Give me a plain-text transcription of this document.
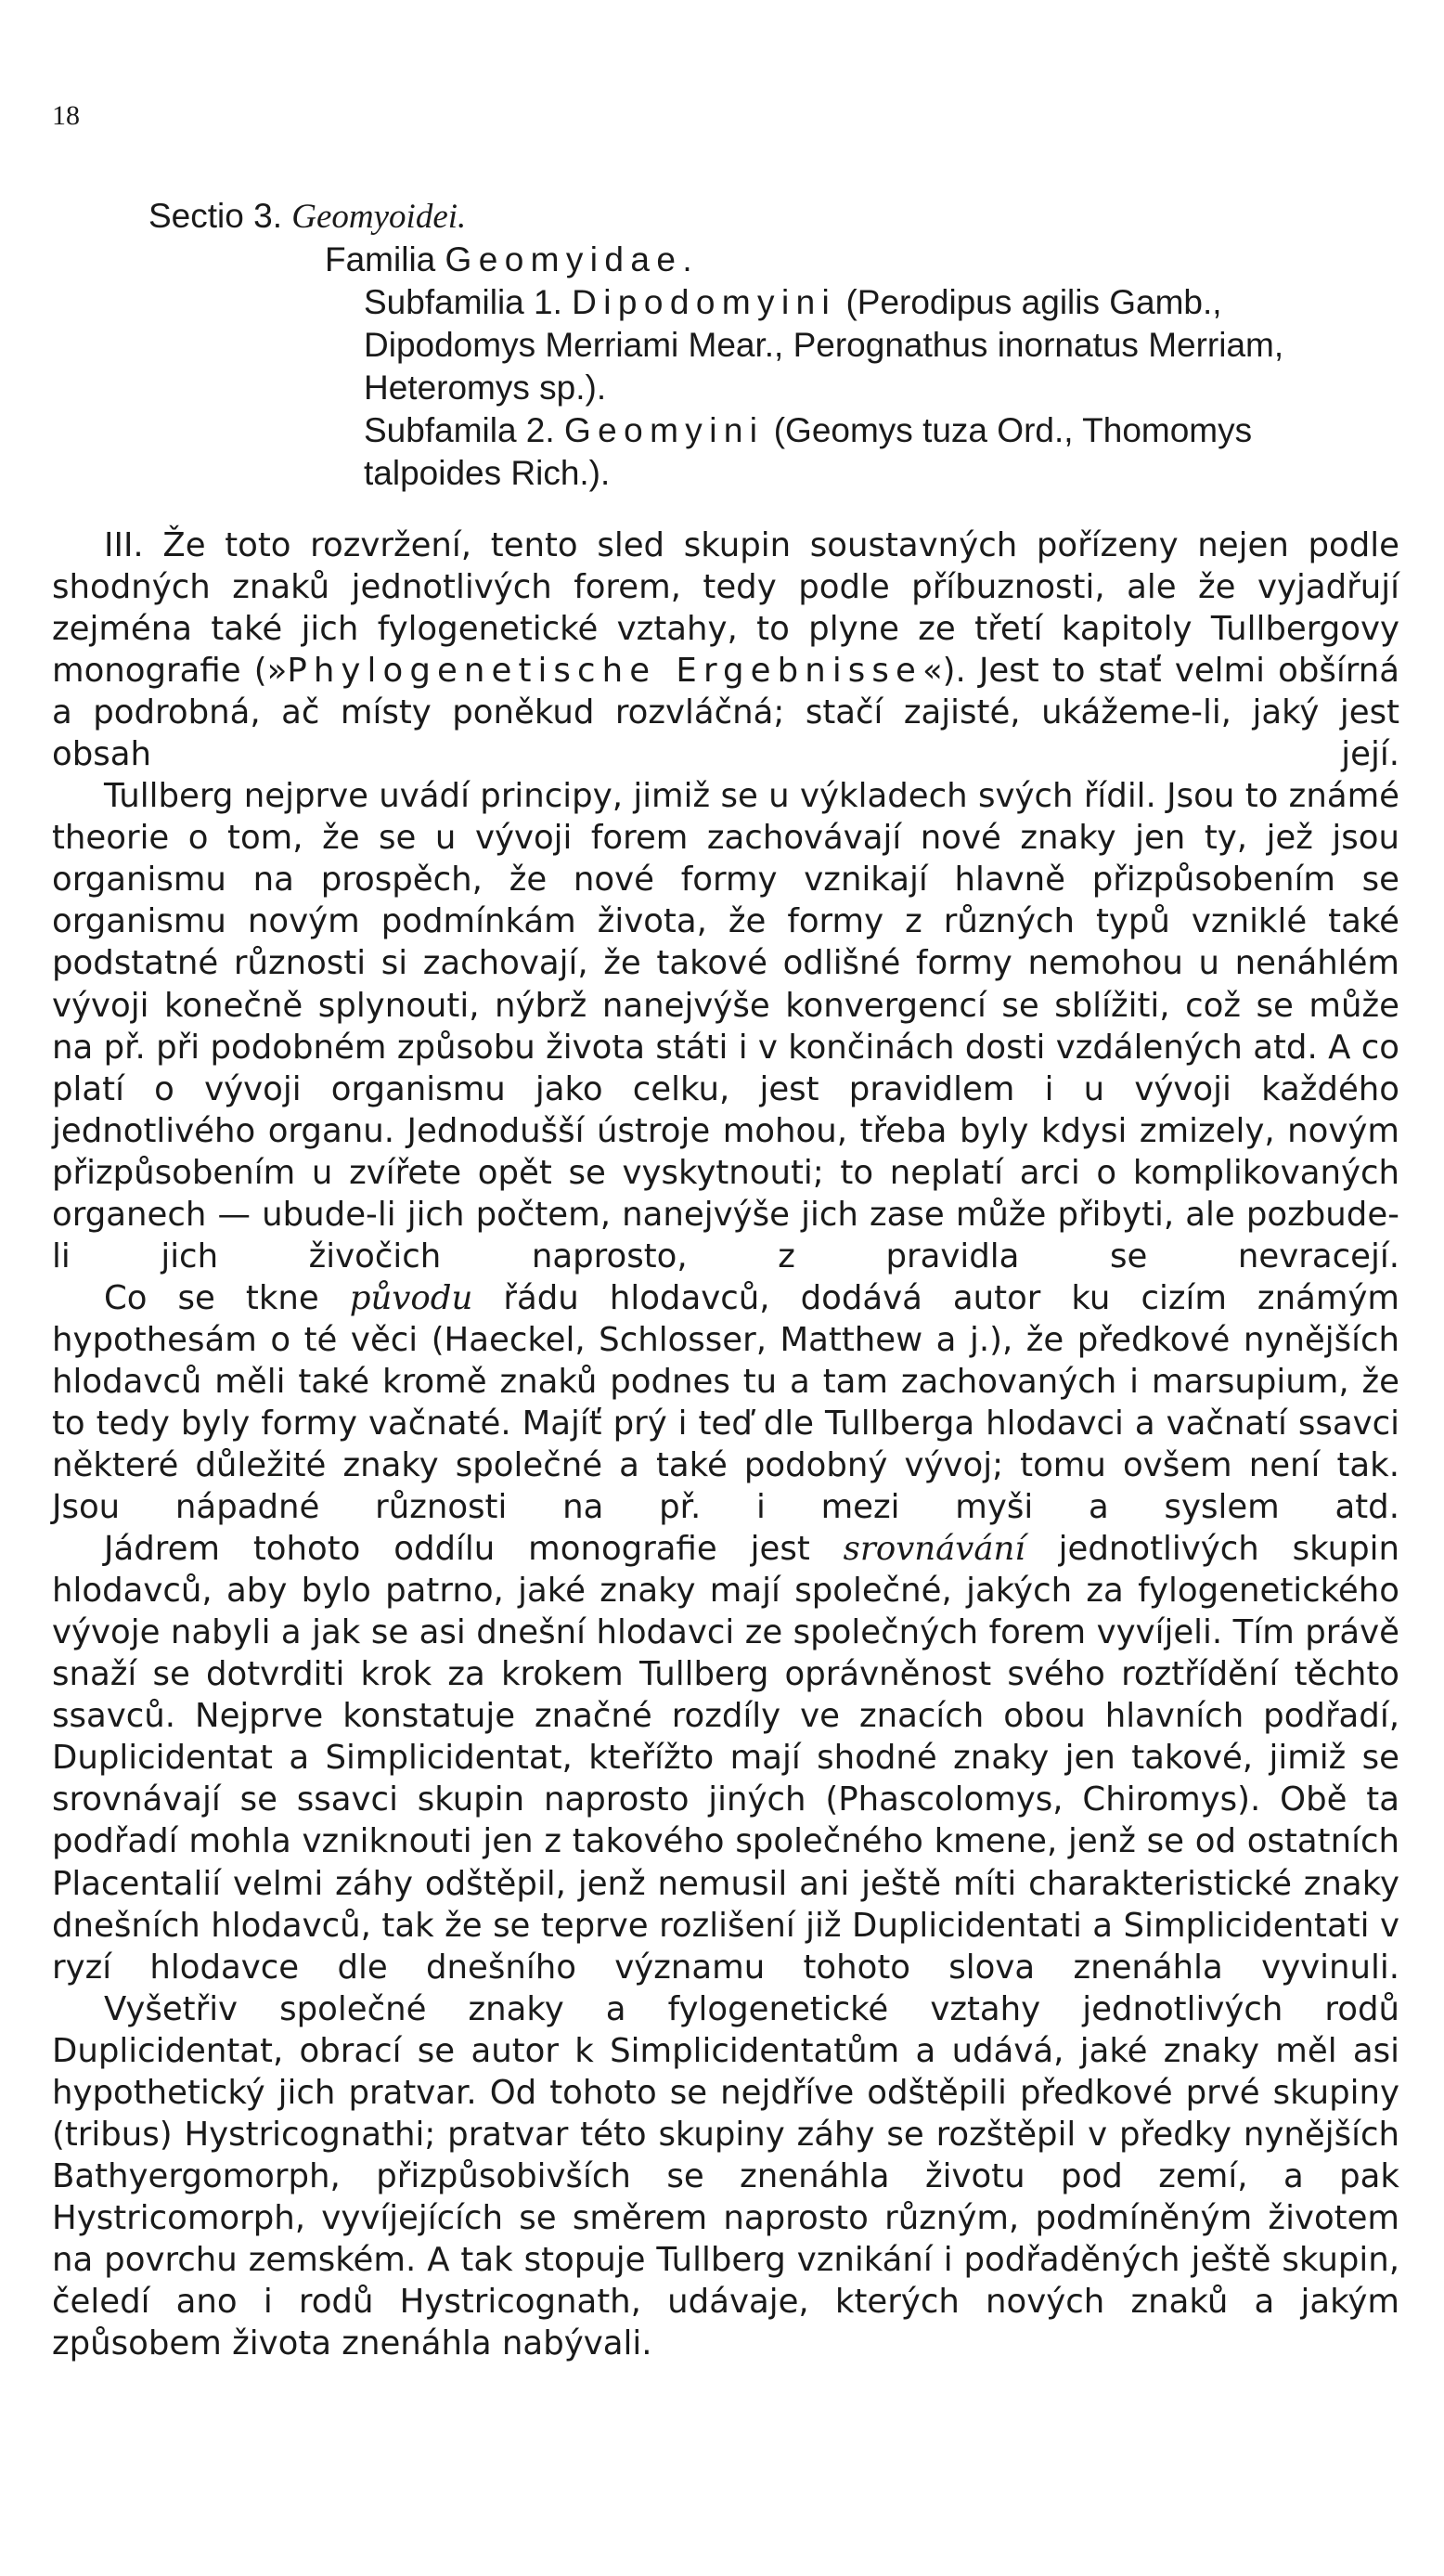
18
Sectio 3. Geomyoidei.
Familia Geomyidae.
Subfamilia 1. Dipodomyini (Perodipus agilis Gamb.,
Dipodomys Merriami Mear., Perognathus inornatus Merriam,
Heteromys sp.).
Subfamila 2. Geomyini (Geomys tuza Ord., Thomomys
talpoides Rich.).

III. Že toto rozvržení, tento sled skupin soustavných pořízeny nejen podle shodných znaků jednotlivých forem, tedy podle příbuznosti, ale že vyjadřují zejména také jich fylogenetické vztahy, to plyne ze třetí kapitoly Tullbergovy monografie (»Phylogenetische Ergebnisse«). Jest to stať velmi obšírná a podrobná, ač místy poněkud rozvláčná; stačí zajisté, ukážeme-li, jaký jest obsah její.

Tullberg nejprve uvádí principy, jimiž se u výkladech svých řídil. Jsou to známé theorie o tom, že se u vývoji forem zachovávají nové znaky jen ty, jež jsou organismu na prospěch, že nové formy vznikají hlavně přizpůsobením se organismu novým podmínkám života, že formy z různých typů vzniklé také podstatné různosti si zachovají, že takové odlišné formy nemohou u nenáhlém vývoji konečně splynouti, nýbrž nanejvýše konvergencí se sblížiti, což se může na př. při podobném způsobu života státi i v končinách dosti vzdálených atd. A co platí o vývoji organismu jako celku, jest pravidlem i u vývoji každého jednotlivého organu. Jednodušší ústroje mohou, třeba byly kdysi zmizely, novým přizpůsobením u zvířete opět se vyskytnouti; to neplatí arci o komplikovaných organech — ubude-li jich počtem, nanejvýše jich zase může přibyti, ale pozbude-li jich živočich naprosto, z pravidla se nevracejí.

Co se tkne původu řádu hlodavců, dodává autor ku cizím známým hypothesám o té věci (Haeckel, Schlosser, Matthew a j.), že předkové nynějších hlodavců měli také kromě znaků podnes tu a tam zachovaných i marsupium, že to tedy byly formy vačnaté. Majíť prý i teď dle Tullberga hlodavci a vačnatí ssavci některé důležité znaky společné a také podobný vývoj; tomu ovšem není tak. Jsou nápadné různosti na př. i mezi myši a syslem atd.

Jádrem tohoto oddílu monografie jest srovnávání jednotlivých skupin hlodavců, aby bylo patrno, jaké znaky mají společné, jakých za fylogenetického vývoje nabyli a jak se asi dnešní hlodavci ze společných forem vyvíjeli. Tím právě snaží se dotvrditi krok za krokem Tullberg oprávněnost svého roztřídění těchto ssavců. Nejprve konstatuje značné rozdíly ve znacích obou hlavních podřadí, Duplicidentat a Simplicidentat, kteřížto mají shodné znaky jen takové, jimiž se srovnávají se ssavci skupin naprosto jiných (Phascolomys, Chiromys). Obě ta podřadí mohla vzniknouti jen z takového společného kmene, jenž se od ostatních Placentalií velmi záhy odštěpil, jenž nemusil ani ještě míti charakteristické znaky dnešních hlodavců, tak že se teprve rozlišení již Duplicidentati a Simplicidentati v ryzí hlodavce dle dnešního významu tohoto slova znenáhla vyvinuli.

Vyšetřiv společné znaky a fylogenetické vztahy jednotlivých rodů Duplicidentat, obrací se autor k Simplicidentatům a udává, jaké znaky měl asi hypothetický jich pratvar. Od tohoto se nejdříve odštěpili předkové prvé skupiny (tribus) Hystricognathi; pratvar této skupiny záhy se rozštěpil v předky nynějších Bathyergomorph, přizpůsobivších se znenáhla životu pod zemí, a pak Hystricomorph, vyvíjejících se směrem naprosto různým, podmíněným životem na povrchu zemském. A tak stopuje Tullberg vznikání i podřaděných ještě skupin, čeledí ano i rodů Hystricognath, udávaje, kterých nových znaků a jakým způsobem života znenáhla nabývali.
